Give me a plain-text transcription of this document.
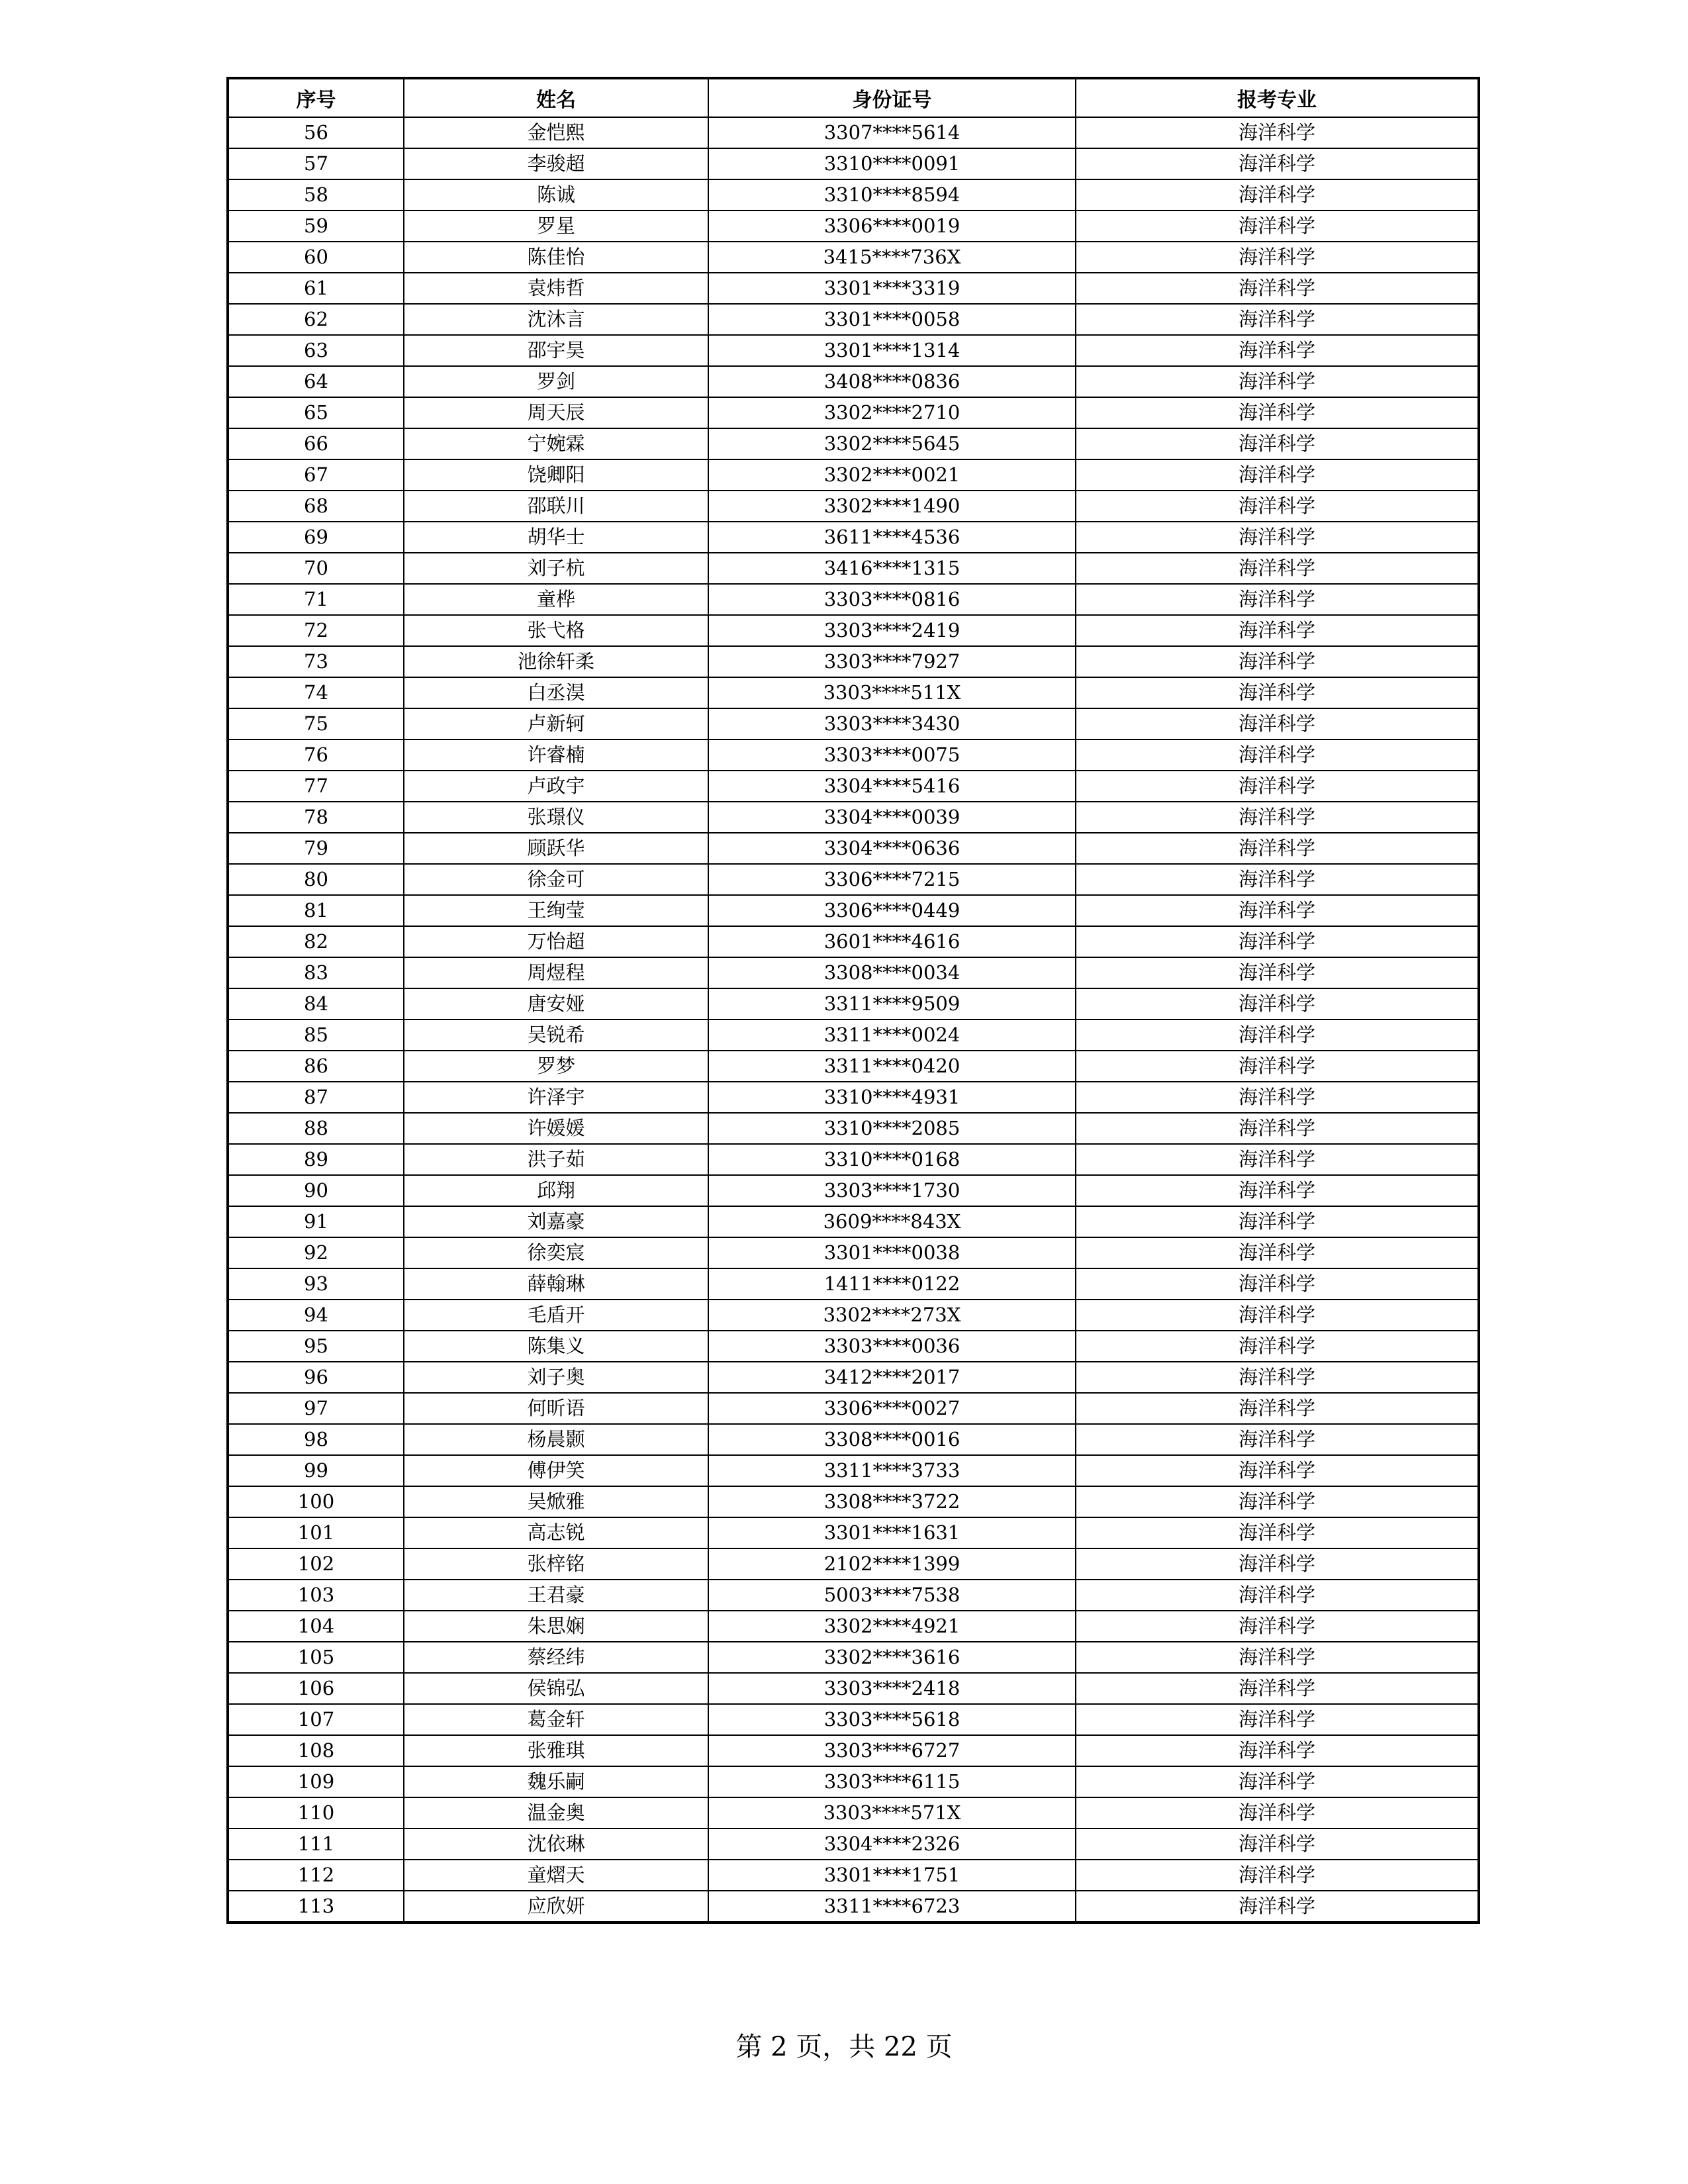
序号	姓名	身份证号	报考专业
56	金恺熙	3307****5614	海洋科学
57	李骏超	3310****0091	海洋科学
58	陈诚	3310****8594	海洋科学
59	罗星	3306****0019	海洋科学
60	陈佳怡	3415****736X	海洋科学
61	袁炜哲	3301****3319	海洋科学
62	沈沐言	3301****0058	海洋科学
63	邵宇昊	3301****1314	海洋科学
64	罗剑	3408****0836	海洋科学
65	周天辰	3302****2710	海洋科学
66	宁婉霖	3302****5645	海洋科学
67	饶卿阳	3302****0021	海洋科学
68	邵联川	3302****1490	海洋科学
69	胡华士	3611****4536	海洋科学
70	刘子杭	3416****1315	海洋科学
71	童桦	3303****0816	海洋科学
72	张弋格	3303****2419	海洋科学
73	池徐轩柔	3303****7927	海洋科学
74	白丞淏	3303****511X	海洋科学
75	卢新轲	3303****3430	海洋科学
76	许睿楠	3303****0075	海洋科学
77	卢政宇	3304****5416	海洋科学
78	张璟仪	3304****0039	海洋科学
79	顾跃华	3304****0636	海洋科学
80	徐金可	3306****7215	海洋科学
81	王绚莹	3306****0449	海洋科学
82	万怡超	3601****4616	海洋科学
83	周煜程	3308****0034	海洋科学
84	唐安娅	3311****9509	海洋科学
85	吴锐希	3311****0024	海洋科学
86	罗梦	3311****0420	海洋科学
87	许泽宇	3310****4931	海洋科学
88	许媛媛	3310****2085	海洋科学
89	洪子茹	3310****0168	海洋科学
90	邱翔	3303****1730	海洋科学
91	刘嘉豪	3609****843X	海洋科学
92	徐奕宸	3301****0038	海洋科学
93	薛翰琳	1411****0122	海洋科学
94	毛盾开	3302****273X	海洋科学
95	陈集义	3303****0036	海洋科学
96	刘子奥	3412****2017	海洋科学
97	何昕语	3306****0027	海洋科学
98	杨晨颢	3308****0016	海洋科学
99	傅伊笑	3311****3733	海洋科学
100	吴焮雅	3308****3722	海洋科学
101	高志锐	3301****1631	海洋科学
102	张梓铭	2102****1399	海洋科学
103	王君豪	5003****7538	海洋科学
104	朱思娴	3302****4921	海洋科学
105	蔡经纬	3302****3616	海洋科学
106	侯锦弘	3303****2418	海洋科学
107	葛金轩	3303****5618	海洋科学
108	张雅琪	3303****6727	海洋科学
109	魏乐嗣	3303****6115	海洋科学
110	温金奥	3303****571X	海洋科学
111	沈依琳	3304****2326	海洋科学
112	童熠天	3301****1751	海洋科学
113	应欣妍	3311****6723	海洋科学
第 2 页，共 22 页
